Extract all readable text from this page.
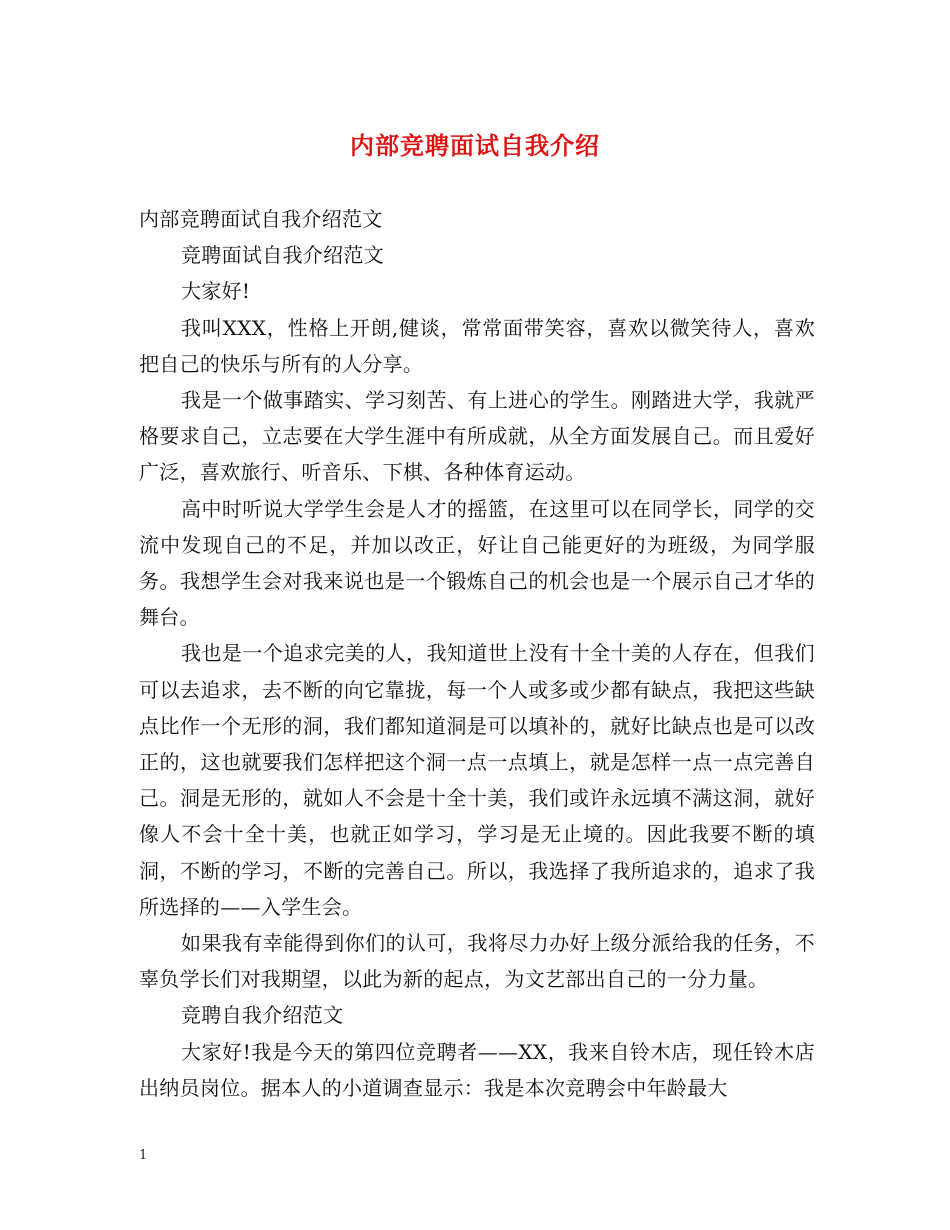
内部竞聘面试自我介绍

内部竞聘面试自我介绍范文

竞聘面试自我介绍范文

大家好!

我叫XXX，性格上开朗,健谈，常常面带笑容，喜欢以微笑待人，喜欢把自己的快乐与所有的人分享。

我是一个做事踏实、学习刻苦、有上进心的学生。刚踏进大学，我就严格要求自己，立志要在大学生涯中有所成就，从全方面发展自己。而且爱好广泛，喜欢旅行、听音乐、下棋、各种体育运动。

高中时听说大学学生会是人才的摇篮，在这里可以在同学长，同学的交流中发现自己的不足，并加以改正，好让自己能更好的为班级，为同学服务。我想学生会对我来说也是一个锻炼自己的机会也是一个展示自己才华的舞台。

我也是一个追求完美的人，我知道世上没有十全十美的人存在，但我们可以去追求，去不断的向它靠拢，每一个人或多或少都有缺点，我把这些缺点比作一个无形的洞，我们都知道洞是可以填补的，就好比缺点也是可以改正的，这也就要我们怎样把这个洞一点一点填上，就是怎样一点一点完善自己。洞是无形的，就如人不会是十全十美，我们或许永远填不满这洞，就好像人不会十全十美，也就正如学习，学习是无止境的。因此我要不断的填洞，不断的学习，不断的完善自己。所以，我选择了我所追求的，追求了我所选择的——入学生会。

如果我有幸能得到你们的认可，我将尽力办好上级分派给我的任务，不辜负学长们对我期望，以此为新的起点，为文艺部出自己的一分力量。

竞聘自我介绍范文

大家好!我是今天的第四位竞聘者——XX，我来自铃木店，现任铃木店出纳员岗位。据本人的小道调查显示：我是本次竞聘会中年龄最大

1
